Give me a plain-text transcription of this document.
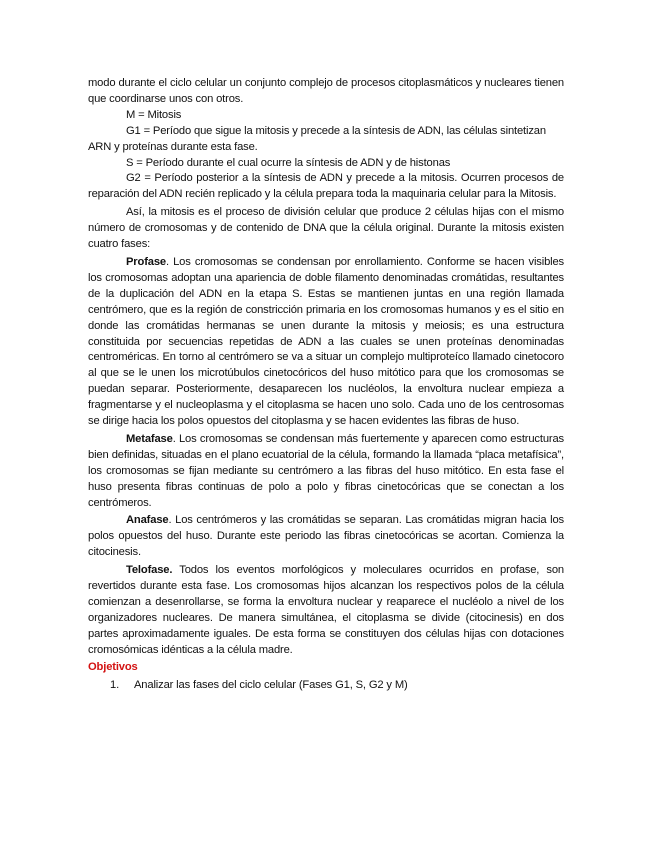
modo durante el ciclo celular un conjunto complejo de procesos citoplasmáticos y nucleares tienen que coordinarse unos con otros.

M = Mitosis

G1 = Período que sigue la mitosis y precede a la síntesis de ADN, las células sintetizan ARN y proteínas durante esta fase.

S = Período durante el cual ocurre la síntesis de ADN y de histonas

G2 = Período posterior a la síntesis de ADN y precede a la mitosis. Ocurren procesos de reparación del ADN recién replicado y la célula prepara toda la maquinaria celular para la Mitosis.

Así, la mitosis es el proceso de división celular que produce 2 células hijas con el mismo número de cromosomas y de contenido de DNA que la célula original. Durante la mitosis existen cuatro fases:

Profase. Los cromosomas se condensan por enrollamiento. Conforme se hacen visibles los cromosomas adoptan una apariencia de doble filamento denominadas cromátidas, resultantes de la duplicación del ADN en la etapa S. Estas se mantienen juntas en una región llamada centrómero, que es la región de constricción primaria en los cromosomas humanos y es el sitio en donde las cromátidas hermanas se unen durante la mitosis y meiosis; es una estructura constituida por secuencias repetidas de ADN a las cuales se unen proteínas denominadas centroméricas. En torno al centrómero se va a situar un complejo multiproteíco llamado cinetocoro al que se le unen los microtúbulos cinetocóricos del huso mitótico para que los cromosomas se puedan separar. Posteriormente, desaparecen los nucléolos, la envoltura nuclear empieza a fragmentarse y el nucleoplasma y el citoplasma se hacen uno solo. Cada uno de los centrosomas se dirige hacia los polos opuestos del citoplasma y se hacen evidentes las fibras de huso.

Metafase. Los cromosomas se condensan más fuertemente y aparecen como estructuras bien definidas, situadas en el plano ecuatorial de la célula, formando la llamada “placa metafísica”, los cromosomas se fijan mediante su centrómero a las fibras del huso mitótico. En esta fase el huso presenta fibras continuas de polo a polo y fibras cinetocóricas que se conectan a los centrómeros.

Anafase. Los centrómeros y las cromátidas se separan. Las cromátidas migran hacia los polos opuestos del huso. Durante este periodo las fibras cinetocóricas se acortan. Comienza la citocinesis.

Telofase. Todos los eventos morfológicos y moleculares ocurridos en profase, son revertidos durante esta fase. Los cromosomas hijos alcanzan los respectivos polos de la célula comienzan a desenrollarse, se forma la envoltura nuclear y reaparece el nucléolo a nivel de los organizadores nucleares. De manera simultánea, el citoplasma se divide (citocinesis) en dos partes aproximadamente iguales. De esta forma se constituyen dos células hijas con dotaciones cromosómicas idénticas a la célula madre.

Objetivos
1. Analizar las fases del ciclo celular (Fases G1, S, G2 y M)
